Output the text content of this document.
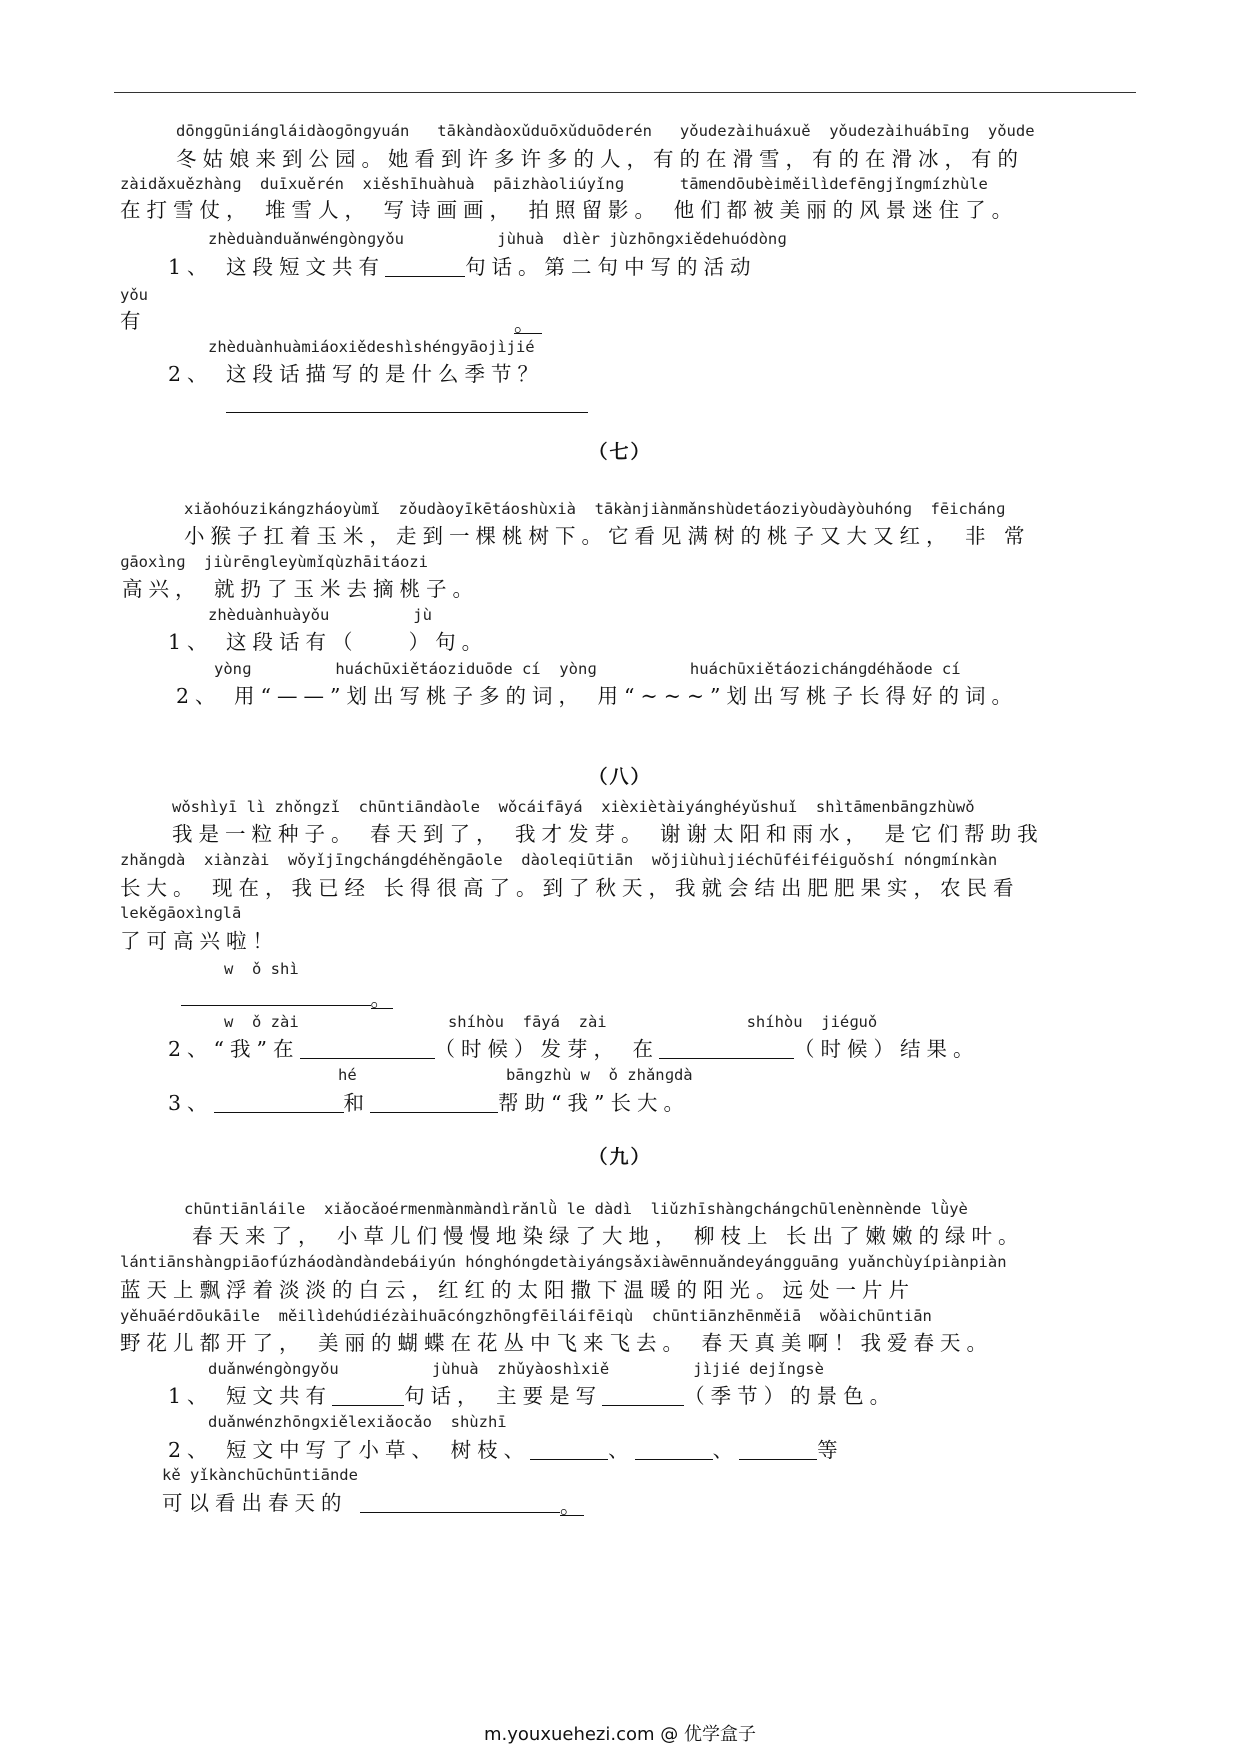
dōngɡūniánɡláidàoɡōnɡyuán   tākàndàoxǔduōxǔduōderén   yǒudezàihuáxuě  yǒudezàihuábīnɡ  yǒude
冬姑娘来到公园。她看到许多许多的人，有的在滑雪，有的在滑冰，有的
zàidǎxuězhànɡ  duīxuěrén  xiěshīhuàhuà  pāizhàoliúyǐnɡ      tāmendōubèiměilìdefēnɡjǐnɡmízhùle
在打雪仗， 堆雪人， 写诗画画， 拍照留影。 他们都被美丽的风景迷住了。
zhèduànduǎnwénɡònɡyǒu          jùhuà  dìèr jùzhōnɡxiědehuódònɡ
1、 这段短文共有	句话。第二句中写的活动
yǒu
有	。
zhèduànhuàmiáoxiědeshìshénɡyāojìjié
2、 这段话描写的是什么季节？
（七）
xiǎohóuzikánɡzháoyùmǐ  zǒudàoyīkētáoshùxià  tākànjiànmǎnshùdetáoziyòudàyòuhónɡ  fēichánɡ
小猴子扛着玉米，走到一棵桃树下。它看见满树的桃子又大又红， 非 常
ɡāoxìnɡ  jiùrēnɡleyùmǐqùzhāitáozi
高兴， 就扔了玉米去摘桃子。
zhèduànhuàyǒu         jù
1、 这段话有（    ）句。
yònɡ         huáchūxiětáoziduōde cí  yònɡ          huáchūxiětáozichánɡdéhǎode cí
2、 用“——”划出写桃子多的词， 用“~~~”划出写桃子长得好的词。
（八）
wǒshìyī lì zhǒnɡzǐ  chūntiāndàole  wǒcáifāyá  xièxiètàiyánɡhéyǔshuǐ  shìtāmenbānɡzhùwǒ
我是一粒种子。 春天到了， 我才发芽。 谢谢太阳和雨水， 是它们帮助我
zhǎnɡdà  xiànzài  wǒyǐjīnɡchánɡdéhěnɡāole  dàoleqiūtiān  wǒjiùhuìjiéchūféiféiɡuǒshí nónɡmínkàn
长大。 现在，我已经 长得很高了。到了秋天，我就会结出肥肥果实，农民看
lekěɡāoxìnɡlā
了可高兴啦！
w  ǒ shì
。
w  ǒ zài                shíhòu  fāyá  zài               shíhòu  jiéɡuǒ
2、“我”在	（时候）发芽， 在	（时候）结果。
hé                bānɡzhù w  ǒ zhǎnɡdà
3、	和	帮助“我”长大。
（九）
chūntiānláile  xiǎocǎoérmenmànmàndìrǎnlǜ le dàdì  liǔzhīshànɡchánɡchūlenènnènde lǜyè
春天来了， 小草儿们慢慢地染绿了大地， 柳枝上 长出了嫩嫩的绿叶。
lántiānshànɡpiāofúzháodàndàndebáiyún hónɡhónɡdetàiyánɡsǎxiàwēnnuǎndeyánɡɡuānɡ yuǎnchùyípiànpiàn
蓝天上飘浮着淡淡的白云，红红的太阳撒下温暖的阳光。远处一片片
yěhuāérdōukāile  měilìdehúdiézàihuācónɡzhōnɡfēiláifēiqù  chūntiānzhēnměiā  wǒàichūntiān
野花儿都开了， 美丽的蝴蝶在花丛中飞来飞去。 春天真美啊！我爱春天。
duǎnwénɡònɡyǒu          jùhuà  zhǔyàoshìxiě         jìjié dejǐnɡsè
1、 短文共有	句话， 主要是写	（季节）的景色。
duǎnwénzhōnɡxiělexiǎocǎo  shùzhī
2、 短文中写了小草、 树枝、	、	、	等
kě yǐkànchūchūntiānde
可以看出春天的	。
m.youxuehezi.com @ 优学盒子
